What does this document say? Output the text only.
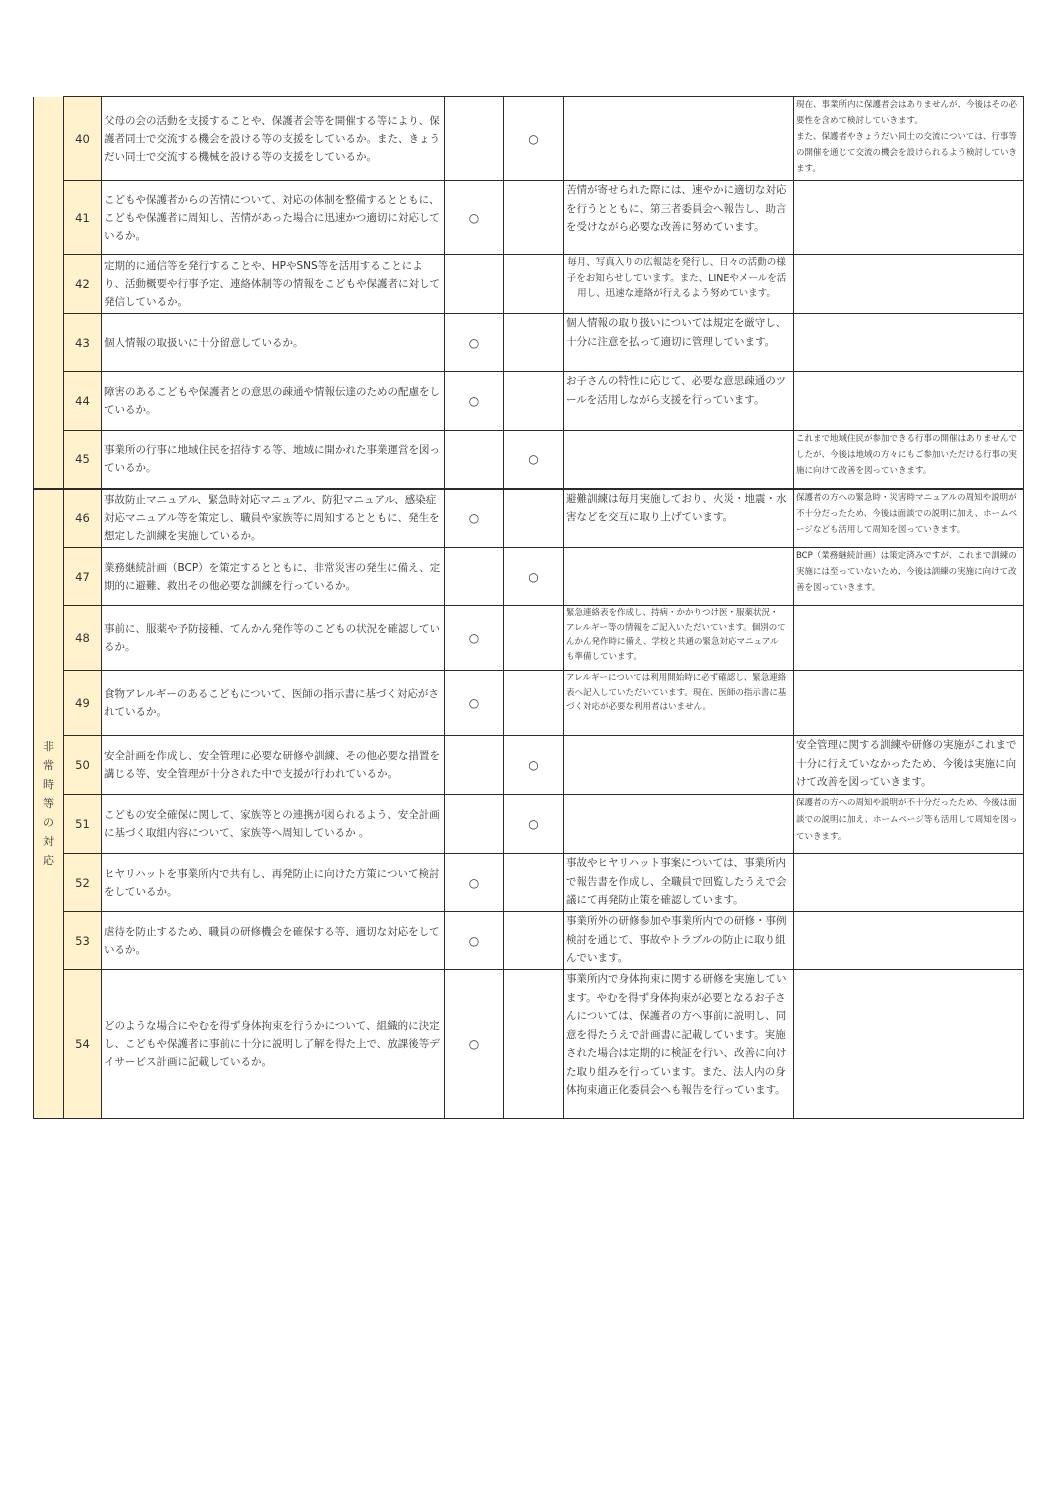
	40	父母の会の活動を支援することや、保護者会等を開催する等により、保護者同士で交流する機会を設ける等の支援をしているか。また、きょうだい同士で交流する機械を設ける等の支援をしているか。		○		現在、事業所内に保護者会はありませんが、今後はその必要性を含めて検討していきます。
また、保護者やきょうだい同士の交流については、行事等の開催を通じて交流の機会を設けられるよう検討していきます。
	41	こどもや保護者からの苦情について、対応の体制を整備するとともに、こどもや保護者に周知し、苦情があった場合に迅速かつ適切に対応しているか。	○		苦情が寄せられた際には、速やかに適切な対応を行うとともに、第三者委員会へ報告し、助言を受けながら必要な改善に努めています。	
	42	定期的に通信等を発行することや、HPやSNS等を活用することにより、活動概要や行事予定、連絡体制等の情報をこどもや保護者に対して発信しているか。			毎月、写真入りの広報誌を発行し、日々の活動の様子をお知らせしています。また、LINEやメールを活用し、迅速な連絡が行えるよう努めています。	

	43	個人情報の取扱いに十分留意しているか。	○		個人情報の取り扱いについては規定を厳守し、十分に注意を払って適切に管理しています。	
	44	障害のあるこどもや保護者との意思の疎通や情報伝達のための配慮をしているか。	○		お子さんの特性に応じて、必要な意思疎通のツールを活用しながら支援を行っています。	
	45	事業所の行事に地域住民を招待する等、地域に開かれた事業運営を図っているか。		○		これまで地域住民が参加できる行事の開催はありませんでしたが、今後は地域の方々にもご参加いただける行事の実施に向けて改善を図っていきます。
非常時等の対応	46	事故防止マニュアル、緊急時対応マニュアル、防犯マニュアル、感染症対応マニュアル等を策定し、職員や家族等に周知するとともに、発生を想定した訓練を実施しているか。	○		避難訓練は毎月実施しており、火災・地震・水害などを交互に取り上げています。	保護者の方への緊急時・災害時マニュアルの周知や説明が不十分だったため、今後は面談での説明に加え、ホームページなども活用して周知を図っていきます。
	47	業務継続計画（BCP）を策定するとともに、非常災害の発生に備え、定期的に避難、救出その他必要な訓練を行っているか。		○		BCP（業務継続計画）は策定済みですが、これまで訓練の実施には至っていないため、今後は訓練の実施に向けて改善を図っていきます。
	48	事前に、服薬や予防接種、てんかん発作等のこどもの状況を確認しているか。	○		緊急連絡表を作成し、持病・かかりつけ医・服薬状況・アレルギー等の情報をご記入いただいています。個別のてんかん発作時に備え、学校と共通の緊急対応マニュアルも準備しています。	
	49	食物アレルギーのあるこどもについて、医師の指示書に基づく対応がされているか。	○		アレルギーについては利用開始時に必ず確認し、緊急連絡表へ記入していただいています。現在、医師の指示書に基づく対応が必要な利用者はいません。	
	50	安全計画を作成し、安全管理に必要な研修や訓練、その他必要な措置を講じる等、安全管理が十分された中で支援が行われているか。		○		安全管理に関する訓練や研修の実施がこれまで十分に行えていなかったため、今後は実施に向けて改善を図っていきます。
	51	こどもの安全確保に関して、家族等との連携が図られるよう、安全計画に基づく取組内容について、家族等へ周知しているか 。		○		保護者の方への周知や説明が不十分だったため、今後は面談での説明に加え、ホームページ等も活用して周知を図っていきます。
	52	ヒヤリハットを事業所内で共有し、再発防止に向けた方策について検討をしているか。	○		事故やヒヤリハット事案については、事業所内で報告書を作成し、全職員で回覧したうえで会議にて再発防止策を確認しています。	
	53	虐待を防止するため、職員の研修機会を確保する等、適切な対応をしているか。	○		事業所外の研修参加や事業所内での研修・事例検討を通じて、事故やトラブルの防止に取り組んでいます。	
	54	どのような場合にやむを得ず身体拘束を行うかについて、組織的に決定し、こどもや保護者に事前に十分に説明し了解を得た上で、放課後等デイサービス計画に記載しているか。	○		事業所内で身体拘束に関する研修を実施しています。やむを得ず身体拘束が必要となるお子さんについては、保護者の方へ事前に説明し、同意を得たうえで計画書に記載しています。実施された場合は定期的に検証を行い、改善に向けた取り組みを行っています。また、法人内の身体拘束適正化委員会へも報告を行っています。	
